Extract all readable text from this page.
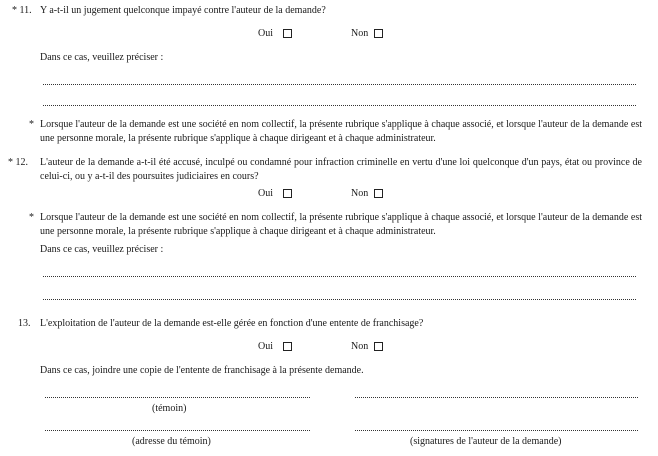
* 11. Y a-t-il un jugement quelconque impayé contre l'auteur de la demande?
Oui	Non
Dans ce cas, veuillez préciser :
* Lorsque l'auteur de la demande est une société en nom collectif, la présente rubrique s'applique à chaque associé, et lorsque l'auteur de la demande est une personne morale, la présente rubrique s'applique à chaque dirigeant et à chaque administrateur.
* 12. L'auteur de la demande a-t-il été accusé, inculpé ou condamné pour infraction criminelle en vertu d'une loi quelconque d'un pays, état ou province de celui-ci, ou y a-t-il des poursuites judiciaires en cours?
Oui	Non
* Lorsque l'auteur de la demande est une société en nom collectif, la présente rubrique s'applique à chaque associé, et lorsque l'auteur de la demande est une personne morale, la présente rubrique s'applique à chaque dirigeant et à chaque administrateur.
Dans ce cas, veuillez préciser :
13. L'exploitation de l'auteur de la demande est-elle gérée en fonction d'une entente de franchisage?
Oui	Non
Dans ce cas, joindre une copie de l'entente de franchisage à la présente demande.
(témoin)
(adresse du témoin)	(signatures de l'auteur de la demande)
